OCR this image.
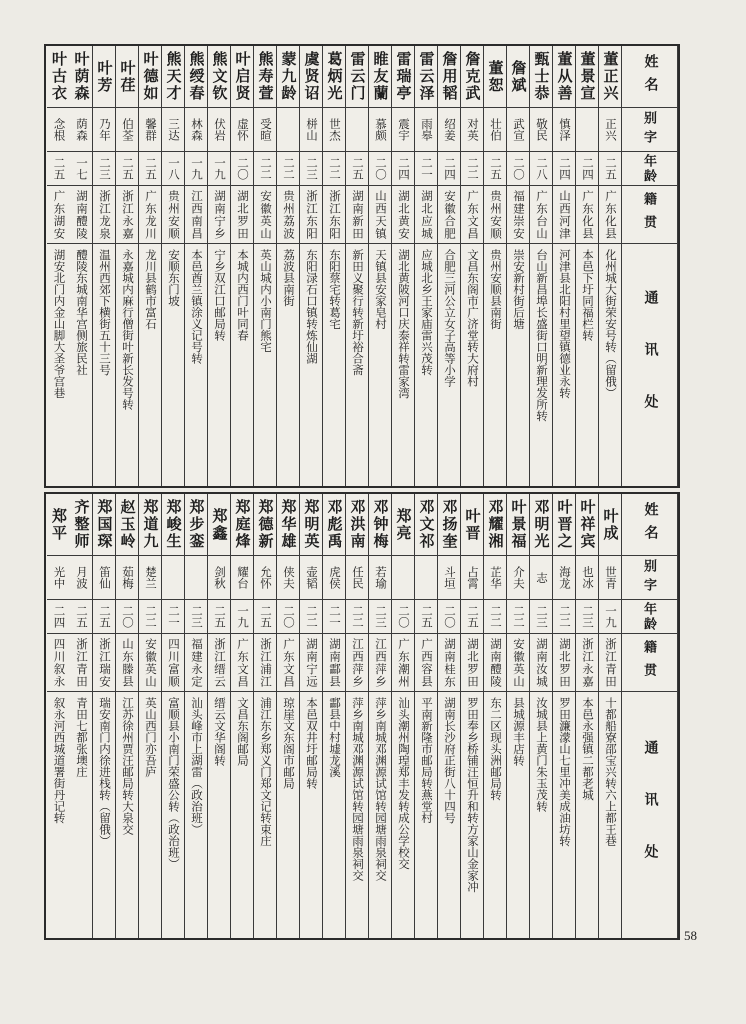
姓名
别字
年龄
籍贯
通讯处
董正兴
正兴
二五
广东化县
化州城大街荣安号转（留俄）
董景宣
二四
广东化县
本邑下圩同福栏转
董从善
慎泽
二四
山西河津
河津县北阳村里望镇德业永转
甄士恭
敬民
二八
广东台山
台山新昌埠长盛街口明新理发所转
詹斌
武宣
二〇
福建崇安
崇安新村街后塘
董恕
壮伯
二五
贵州安顺
贵州安顺县南街
詹克武
对英
二二
广东文昌
文昌东阁市广济堂转大府村
詹用韬
绍姜
二四
安徽合肥
合肥三河公立女子高等小学
雷云泽
雨皋
二一
湖北应城
应城北乡王家庙雷兴茂转
雷瑞亭
震宇
二四
湖北黄安
湖北黄陂河口庆泰祥转雷家湾
睢友蘭
慕颇
二〇
山西天镇
天镇县安家皂村
雷云门
二五
湖南新田
新田义聚行转新圩裕合斋
葛炳光
世杰
二二
浙江东阳
东阳蔡宅转葛宅
虞贤诏
栟山
二三
浙江东阳
东阳渌石口镇转炼仙湖
蒙九龄
二二
贵州荔波
荔波县南街
熊寿萱
受暄
二二
安徽英山
英山城内小南门熊宅
叶启贤
虚怀
二〇
湖北罗田
本城内西门叶同春
熊文钦
伏岩
一九
湖南宁乡
宁乡双江口邮局转
熊绶春
林森
一九
江西南昌
本邑酋兰镇涂义记号转
熊天才
三达
一八
贵州安顺
安顺东门坡
叶德如
馨群
二五
广东龙川
龙川县鹤市富石
叶荏
伯荃
二五
浙江永嘉
永嘉城内麻行僧街叶新长发号转
叶芳
乃年
二三
浙江龙泉
温州西郊下横街五十三号
叶荫森
荫森
一七
湖南醴陵
醴陵东城南华宫侧旅民社
叶古衣
念根
二五
广东湖安
湖安北门内金山脚大圣爷宫巷
姓名
别字
年龄
籍贯
通讯处
叶成
世青
一九
浙江青田
十都船寮邵宝兴转六上都王巷
叶祥宾
也冰
二三
浙江永嘉
本邑永强镇二都老城
叶晋之
海龙
二二
湖北罗田
罗田濂濛山七里冲美成油坊转
邓明光
志
二三
湖南汝城
汝城县上黄门朱玉茂转
叶景福
介夫
二二
安徽英山
县城源丰店转
邓耀湘
芷华
二二
湖南醴陵
东二区现头洲邮局转
叶晋
占霄
二五
湖北罗田
罗田奉乡桥铺汪恒升和转方家山金家冲
邓扬奎
斗垣
二〇
湖南桂东
湖南长沙府正街八十四号
邓文祁
二五
广西容县
平南新隆市邮局转燕堂村
郑亮
二〇
广东潮州
汕头潮州陶瑝郑丰发转成公学校交
邓钟梅
若瑜
二三
江西萍乡
萍乡南城邓渊源试馆转园塘雨泉祠交
邓洪南
任民
二二
江西萍乡
萍乡南城邓渊源试馆转园塘雨泉祠交
邓彪禹
虎侯
二一
湖南酃县
酃县中村墟龙溪
郑明英
壶韬
二二
湖南宁远
本邑双井圩邮局转
郑华雄
侠夫
二〇
广东文昌
琼崖文东阁市邮局
郑德新
允怀
二五
浙江浦江
浦江东乡郑义门郑文记转束庄
郑庭烽
耀台
一九
广东文昌
文昌东阁邮局
郑鑫
剑秋
二五
浙江缙云
缙云文华阁转
郑步銮
二三
福建永定
汕头峰市上湖雷（政治班）
郑峻生
二一
四川富顺
富顺县小南门荣盛公转（政治班）
郑道九
楚兰
二二
安徽英山
英山西门亦吾庐
赵玉岭
茹梅
二〇
山东滕县
江苏徐州贾汪邮局转大泉交
郑国琛
笛仙
二五
浙江瑞安
瑞安南门内徐进栈转（留俄）
齐整师
月波
二五
浙江青田
青田七都张墺庄
郑平
光中
二四
四川叙永
叙永河西城道署街丹记转
58
